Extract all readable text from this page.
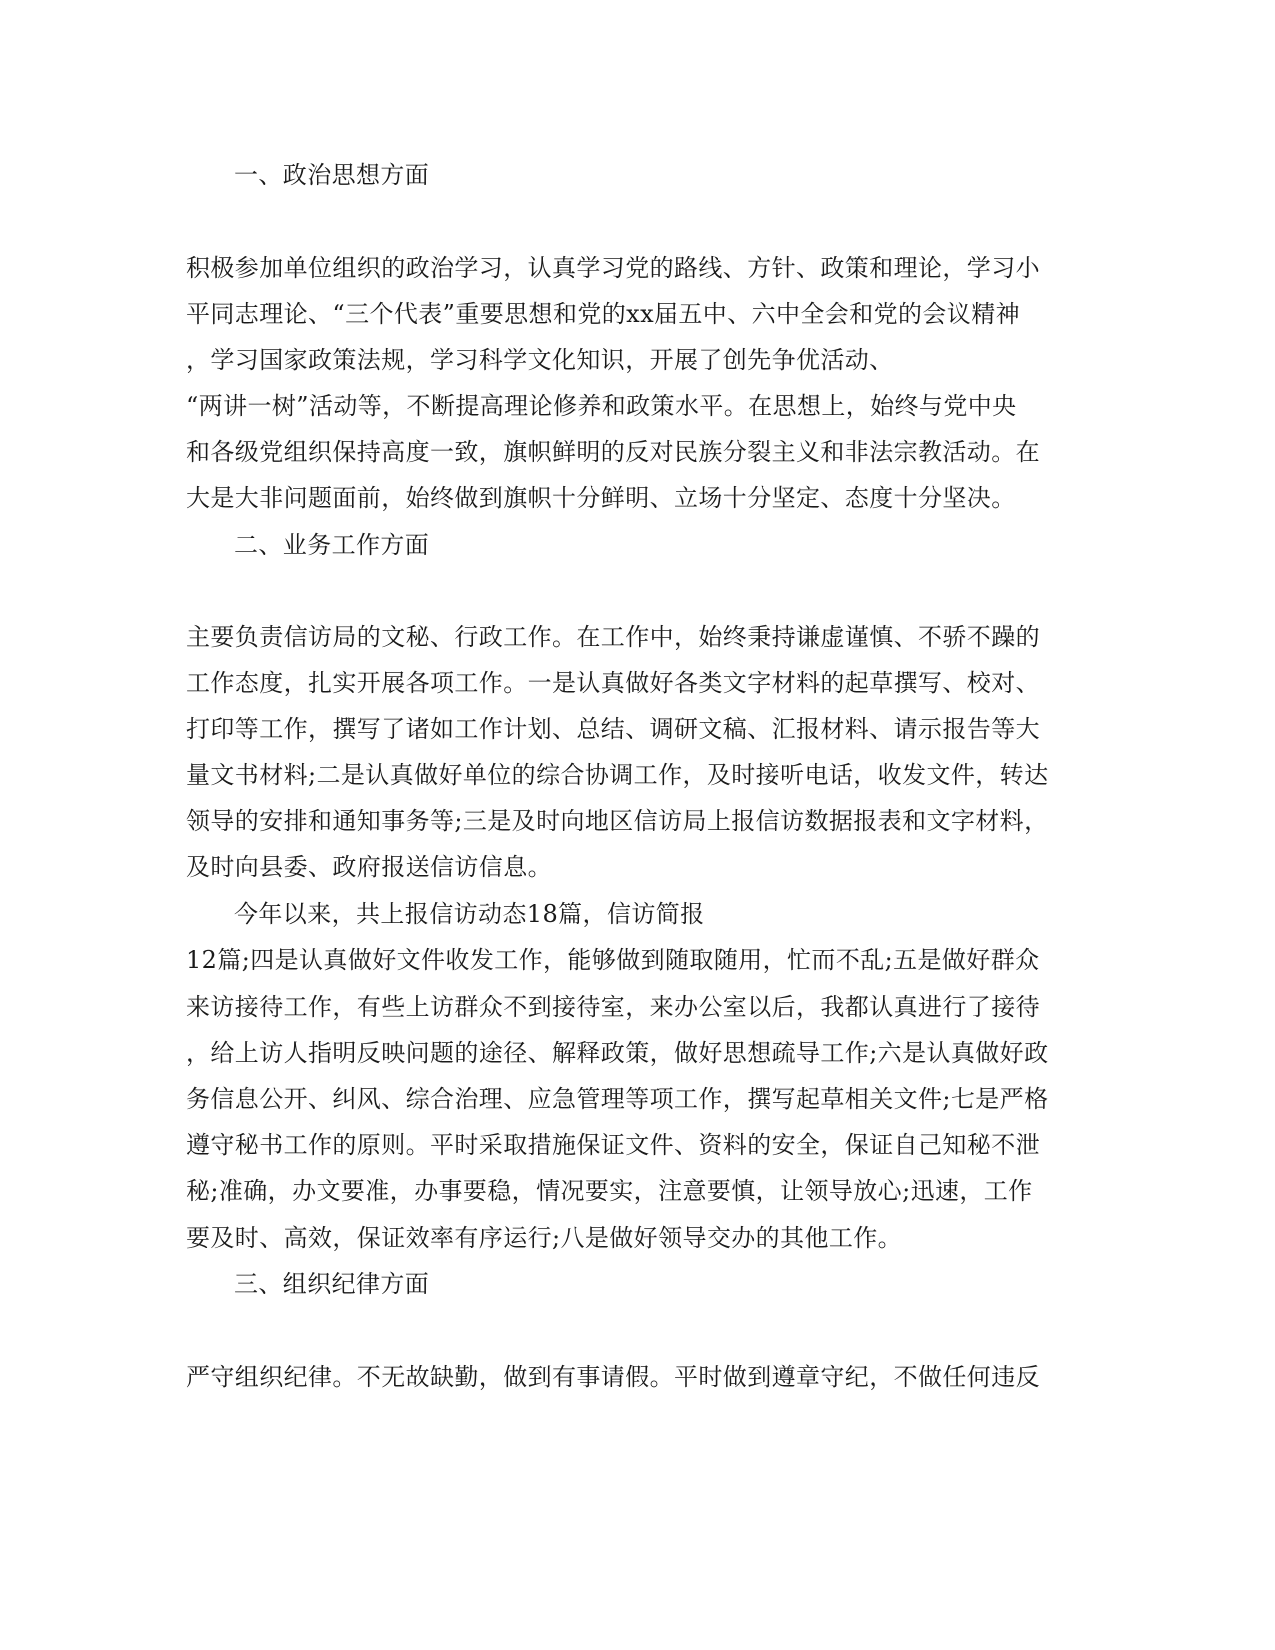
一、政治思想方面
积极参加单位组织的政治学习，认真学习党的路线、方针、政策和理论，学习小
平同志理论、“三个代表”重要思想和党的xx届五中、六中全会和党的会议精神
，学习国家政策法规，学习科学文化知识，开展了创先争优活动、
“两讲一树”活动等，不断提高理论修养和政策水平。在思想上，始终与党中央
和各级党组织保持高度一致，旗帜鲜明的反对民族分裂主义和非法宗教活动。在
大是大非问题面前，始终做到旗帜十分鲜明、立场十分坚定、态度十分坚决。
二、业务工作方面
主要负责信访局的文秘、行政工作。在工作中，始终秉持谦虚谨慎、不骄不躁的
工作态度，扎实开展各项工作。一是认真做好各类文字材料的起草撰写、校对、
打印等工作，撰写了诸如工作计划、总结、调研文稿、汇报材料、请示报告等大
量文书材料;二是认真做好单位的综合协调工作，及时接听电话，收发文件，转达
领导的安排和通知事务等;三是及时向地区信访局上报信访数据报表和文字材料，
及时向县委、政府报送信访信息。
今年以来，共上报信访动态18篇，信访简报
12篇;四是认真做好文件收发工作，能够做到随取随用，忙而不乱;五是做好群众
来访接待工作，有些上访群众不到接待室，来办公室以后，我都认真进行了接待
，给上访人指明反映问题的途径、解释政策，做好思想疏导工作;六是认真做好政
务信息公开、纠风、综合治理、应急管理等项工作，撰写起草相关文件;七是严格
遵守秘书工作的原则。平时采取措施保证文件、资料的安全，保证自己知秘不泄
秘;准确，办文要准，办事要稳，情况要实，注意要慎，让领导放心;迅速，工作
要及时、高效，保证效率有序运行;八是做好领导交办的其他工作。
三、组织纪律方面
严守组织纪律。不无故缺勤，做到有事请假。平时做到遵章守纪，不做任何违反
